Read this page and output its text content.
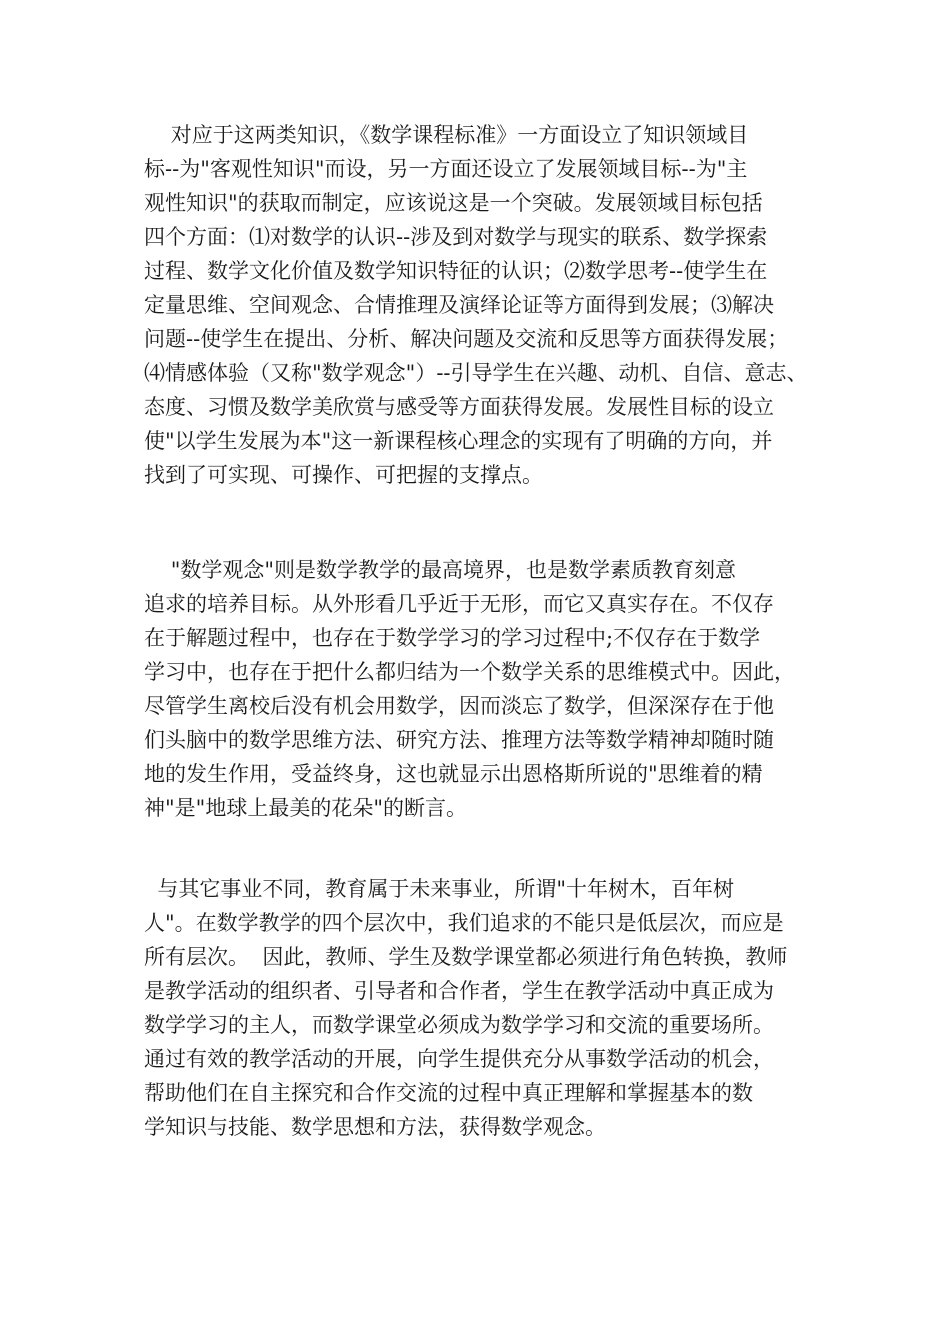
对应于这两类知识，《数学课程标准》一方面设立了知识领域目
标--为"客观性知识"而设，另一方面还设立了发展领域目标--为"主
观性知识"的获取而制定，应该说这是一个突破。发展领域目标包括
四个方面：⑴对数学的认识--涉及到对数学与现实的联系、数学探索
过程、数学文化价值及数学知识特征的认识；⑵数学思考--使学生在
定量思维、空间观念、合情推理及演绎论证等方面得到发展；⑶解决
问题--使学生在提出、分析、解决问题及交流和反思等方面获得发展；
⑷情感体验（又称"数学观念"）--引导学生在兴趣、动机、自信、意志、
态度、习惯及数学美欣赏与感受等方面获得发展。发展性目标的设立
使"以学生发展为本"这一新课程核心理念的实现有了明确的方向，并
找到了可实现、可操作、可把握的支撑点。

"数学观念"则是数学教学的最高境界，也是数学素质教育刻意
追求的培养目标。从外形看几乎近于无形，而它又真实存在。不仅存
在于解题过程中，也存在于数学学习的学习过程中;不仅存在于数学
学习中，也存在于把什么都归结为一个数学关系的思维模式中。因此，
尽管学生离校后没有机会用数学，因而淡忘了数学，但深深存在于他
们头脑中的数学思维方法、研究方法、推理方法等数学精神却随时随
地的发生作用，受益终身，这也就显示出恩格斯所说的"思维着的精
神"是"地球上最美的花朵"的断言。

与其它事业不同，教育属于未来事业，所谓"十年树木，百年树
人"。在数学教学的四个层次中，我们追求的不能只是低层次，而应是
所有层次。  因此，教师、学生及数学课堂都必须进行角色转换，教师
是教学活动的组织者、引导者和合作者，学生在教学活动中真正成为
数学学习的主人，而数学课堂必须成为数学学习和交流的重要场所。
通过有效的教学活动的开展，向学生提供充分从事数学活动的机会，
帮助他们在自主探究和合作交流的过程中真正理解和掌握基本的数
学知识与技能、数学思想和方法，获得数学观念。
